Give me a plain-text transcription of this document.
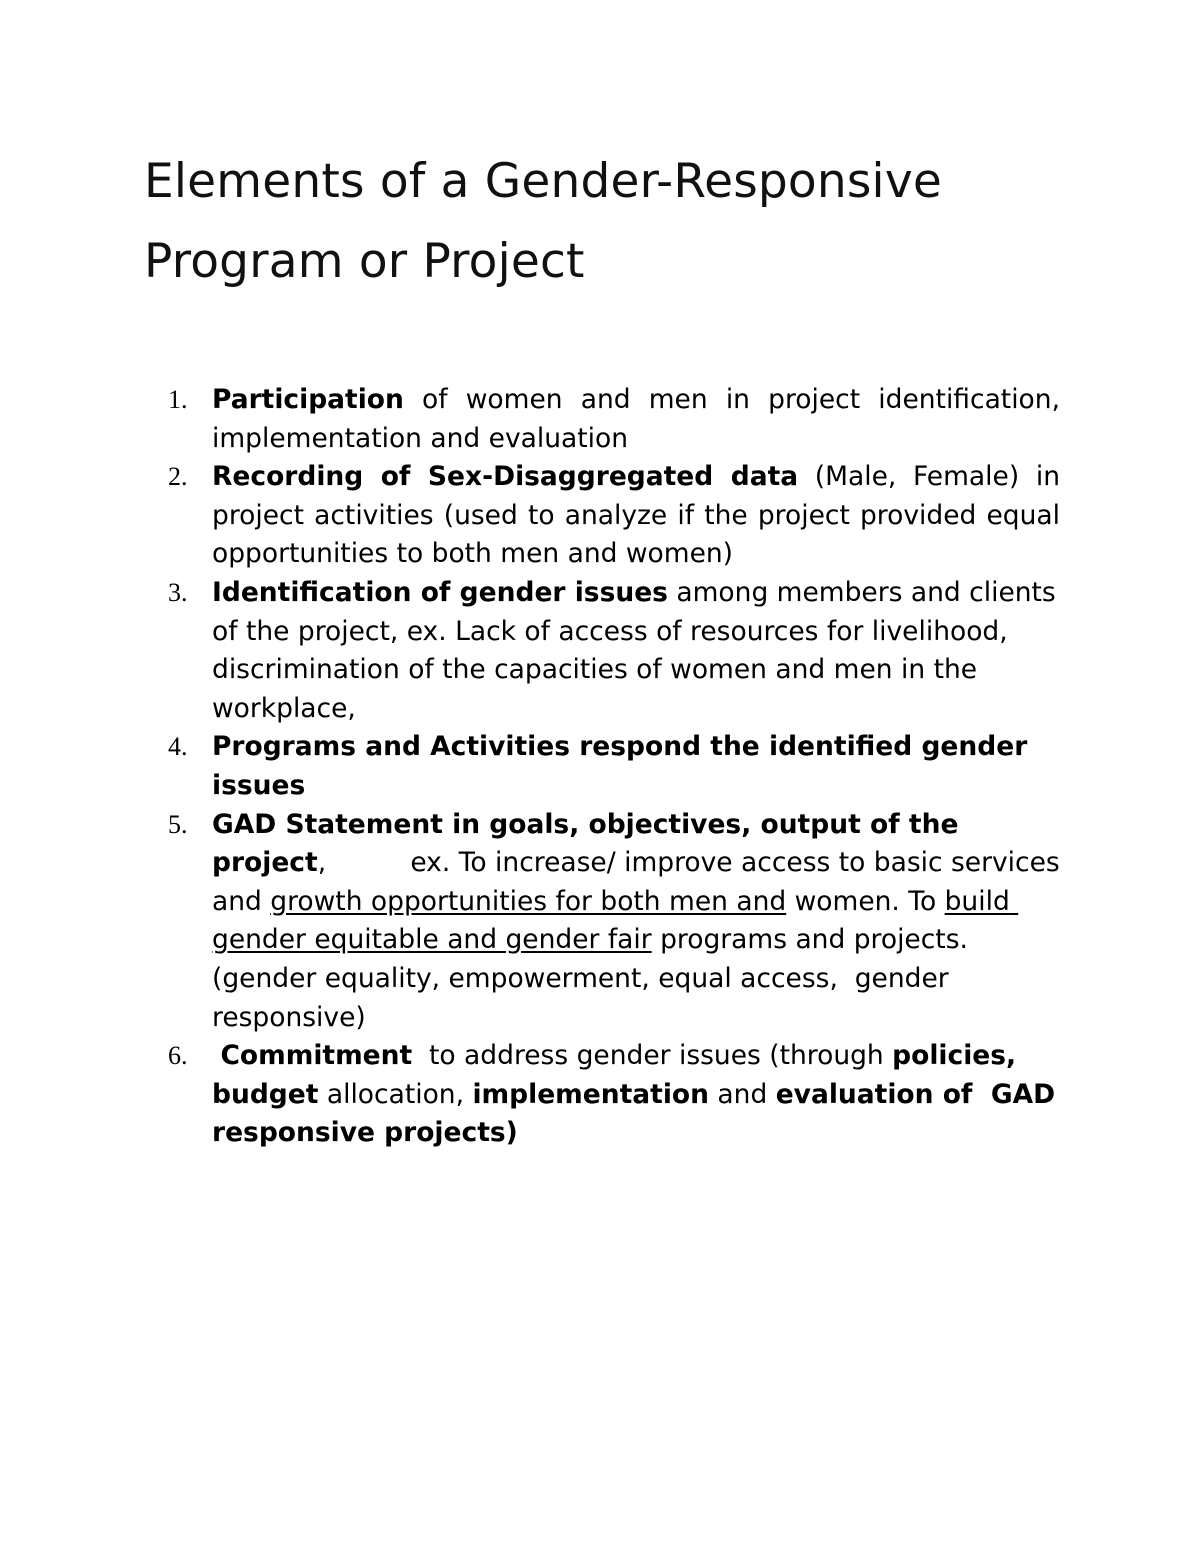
Elements of a Gender-Responsive
Program or Project
1. Participation of women and men in project identification, implementation and evaluation
2. Recording of Sex-Disaggregated data (Male, Female) in project activities (used to analyze if the project provided equal opportunities to both men and women)
3. Identification of gender issues among members and clients of the project, ex. Lack of access of resources for livelihood, discrimination of the capacities of women and men in the workplace,
4. Programs and Activities respond the identified gender issues
5. GAD Statement in goals, objectives, output of the project,          ex. To increase/ improve access to basic services and growth opportunities for both men and women. To build gender equitable and gender fair programs and projects. (gender equality, empowerment, equal access,  gender responsive)
6.	Commitment  to address gender issues (through policies, budget allocation, implementation and evaluation of  GAD responsive projects)
